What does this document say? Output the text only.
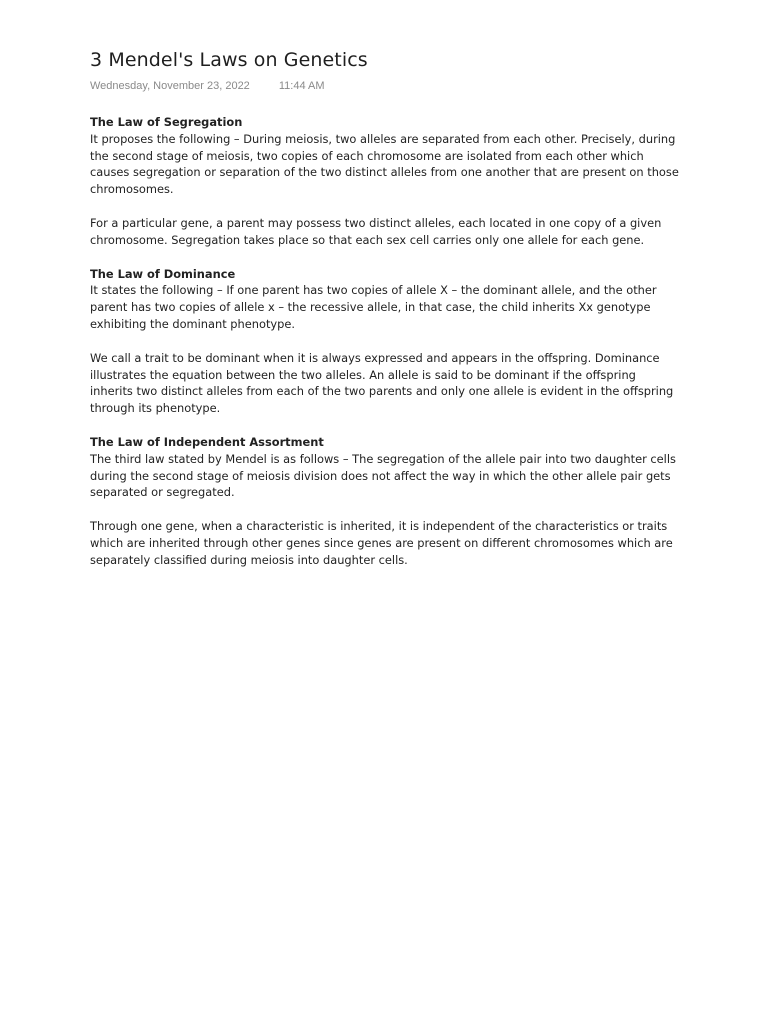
3 Mendel's Laws on Genetics
Wednesday, November 23, 2022	11:44 AM
The Law of Segregation

It proposes the following – During meiosis, two alleles are separated from each other. Precisely, during the second stage of meiosis, two copies of each chromosome are isolated from each other which causes segregation or separation of the two distinct alleles from one another that are present on those chromosomes.

For a particular gene, a parent may possess two distinct alleles, each located in one copy of a given chromosome. Segregation takes place so that each sex cell carries only one allele for each gene.

The Law of Dominance

It states the following – If one parent has two copies of allele X – the dominant allele, and the other parent has two copies of allele x – the recessive allele, in that case, the child inherits Xx genotype exhibiting the dominant phenotype.

We call a trait to be dominant when it is always expressed and appears in the offspring. Dominance illustrates the equation between the two alleles. An allele is said to be dominant if the offspring inherits two distinct alleles from each of the two parents and only one allele is evident in the offspring through its phenotype.

The Law of Independent Assortment

The third law stated by Mendel is as follows – The segregation of the allele pair into two daughter cells during the second stage of meiosis division does not affect the way in which the other allele pair gets separated or segregated.

Through one gene, when a characteristic is inherited, it is independent of the characteristics or traits which are inherited through other genes since genes are present on different chromosomes which are separately classified during meiosis into daughter cells.
